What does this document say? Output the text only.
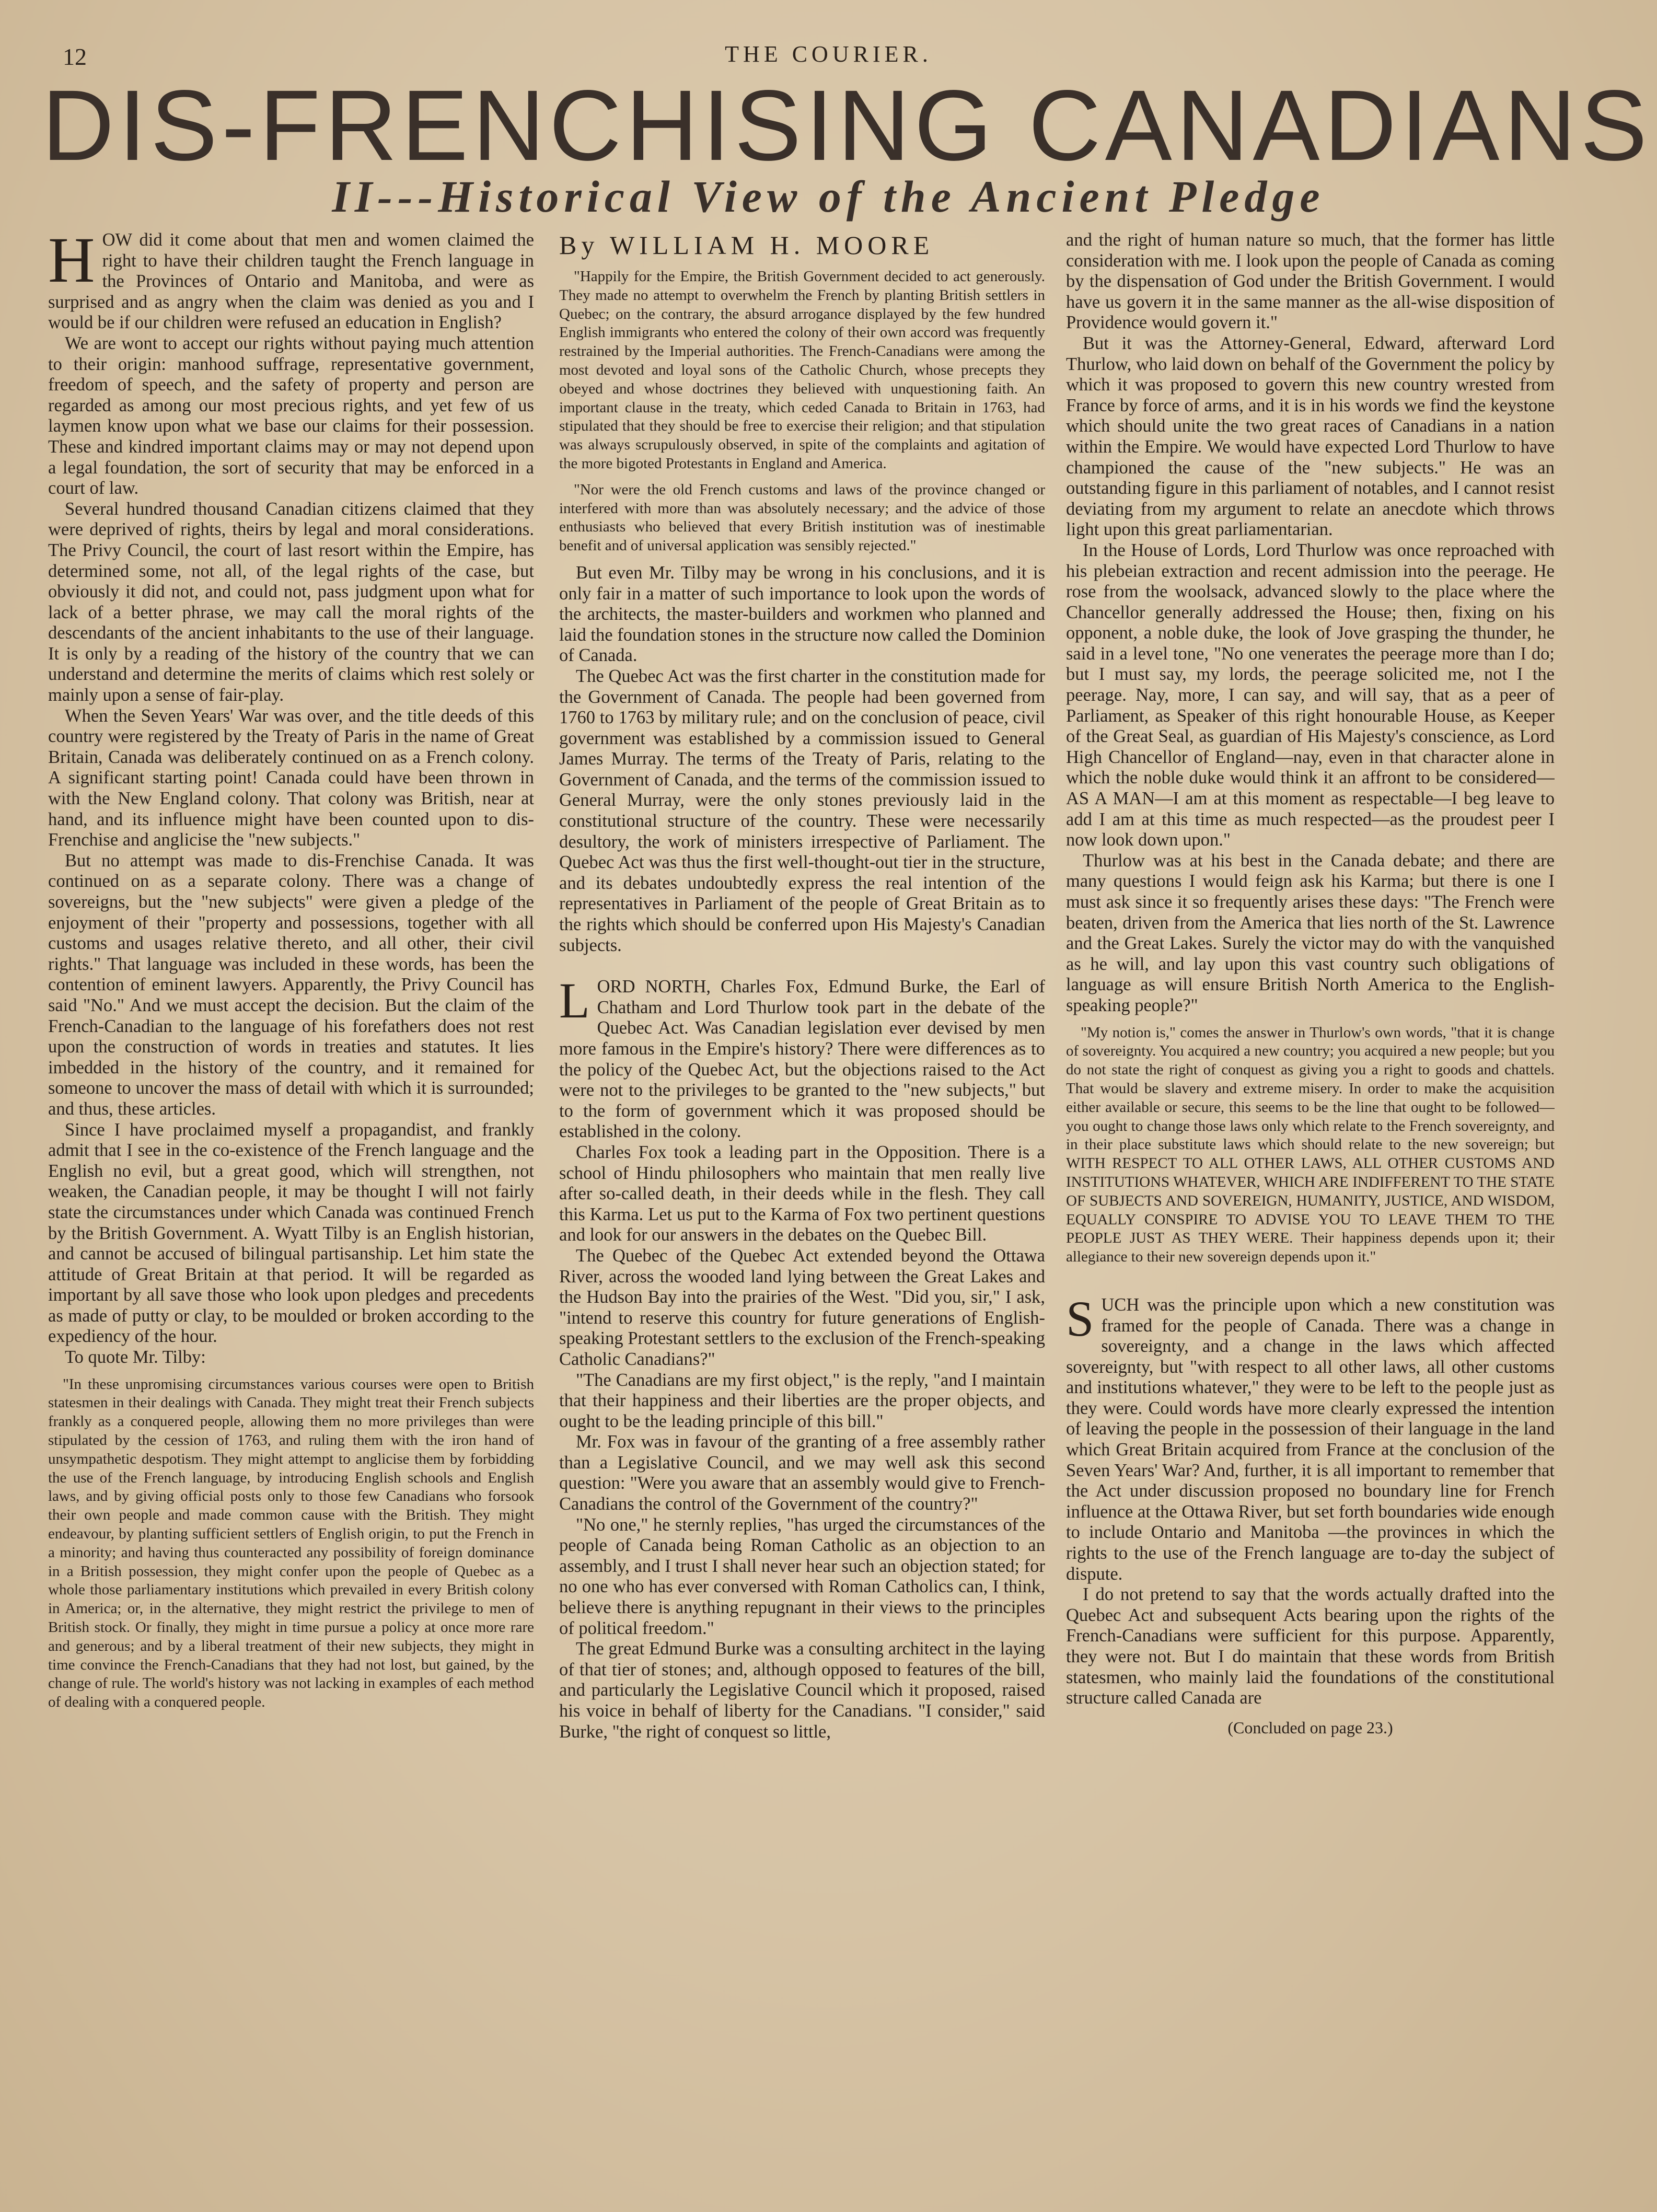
12	THE COURIER.
DIS-FRENCHISING CANADIANS
II---Historical View of the Ancient Pledge

HOW did it come about that men and women claimed the right to have their children taught the French language in the Provinces of Ontario and Manitoba, and were as surprised and as angry when the claim was denied as you and I would be if our children were refused an education in English?

We are wont to accept our rights without paying much attention to their origin: manhood suffrage, representative government, freedom of speech, and the safety of property and person are regarded as among our most precious rights, and yet few of us laymen know upon what we base our claims for their possession. These and kindred important claims may or may not depend upon a legal foundation, the sort of security that may be enforced in a court of law.

Several hundred thousand Canadian citizens claimed that they were deprived of rights, theirs by legal and moral considerations. The Privy Council, the court of last resort within the Empire, has determined some, not all, of the legal rights of the case, but obviously it did not, and could not, pass judgment upon what for lack of a better phrase, we may call the moral rights of the descendants of the ancient inhabitants to the use of their language. It is only by a reading of the history of the country that we can understand and determine the merits of claims which rest solely or mainly upon a sense of fair-play.

When the Seven Years' War was over, and the title deeds of this country were registered by the Treaty of Paris in the name of Great Britain, Canada was deliberately continued on as a French colony. A significant starting point! Canada could have been thrown in with the New England colony. That colony was British, near at hand, and its influence might have been counted upon to dis-Frenchise and anglicise the "new subjects."

But no attempt was made to dis-Frenchise Canada. It was continued on as a separate colony. There was a change of sovereigns, but the "new subjects" were given a pledge of the enjoyment of their "property and possessions, together with all customs and usages relative thereto, and all other, their civil rights." That language was included in these words, has been the contention of eminent lawyers. Apparently, the Privy Council has said "No." And we must accept the decision. But the claim of the French-Canadian to the language of his forefathers does not rest upon the construction of words in treaties and statutes. It lies imbedded in the history of the country, and it remained for someone to uncover the mass of detail with which it is surrounded; and thus, these articles.

Since I have proclaimed myself a propagandist, and frankly admit that I see in the co-existence of the French language and the English no evil, but a great good, which will strengthen, not weaken, the Canadian people, it may be thought I will not fairly state the circumstances under which Canada was continued French by the British Government. A. Wyatt Tilby is an English historian, and cannot be accused of bilingual partisanship. Let him state the attitude of Great Britain at that period. It will be regarded as important by all save those who look upon pledges and precedents as made of putty or clay, to be moulded or broken according to the expediency of the hour.

To quote Mr. Tilby:

"In these unpromising circumstances various courses were open to British statesmen in their dealings with Canada. They might treat their French subjects frankly as a conquered people, allowing them no more privileges than were stipulated by the cession of 1763, and ruling them with the iron hand of unsympathetic despotism. They might attempt to anglicise them by forbidding the use of the French language, by introducing English schools and English laws, and by giving official posts only to those few Canadians who forsook their own people and made common cause with the British. They might endeavour, by planting sufficient settlers of English origin, to put the French in a minority; and having thus counteracted any possibility of foreign dominance in a British possession, they might confer upon the people of Quebec as a whole those parliamentary institutions which prevailed in every British colony in America; or, in the alternative, they might restrict the privilege to men of British stock. Or finally, they might in time pursue a policy at once more rare and generous; and by a liberal treatment of their new subjects, they might in time convince the French-Canadians that they had not lost, but gained, by the change of rule. The world's history was not lacking in examples of each method of dealing with a conquered people.

By WILLIAM H. MOORE

"Happily for the Empire, the British Government decided to act generously. They made no attempt to overwhelm the French by planting British settlers in Quebec; on the contrary, the absurd arrogance displayed by the few hundred English immigrants who entered the colony of their own accord was frequently restrained by the Imperial authorities. The French-Canadians were among the most devoted and loyal sons of the Catholic Church, whose precepts they obeyed and whose doctrines they believed with unquestioning faith. An important clause in the treaty, which ceded Canada to Britain in 1763, had stipulated that they should be free to exercise their religion; and that stipulation was always scrupulously observed, in spite of the complaints and agitation of the more bigoted Protestants in England and America.

"Nor were the old French customs and laws of the province changed or interfered with more than was absolutely necessary; and the advice of those enthusiasts who believed that every British institution was of inestimable benefit and of universal application was sensibly rejected."

But even Mr. Tilby may be wrong in his conclusions, and it is only fair in a matter of such importance to look upon the words of the architects, the master-builders and workmen who planned and laid the foundation stones in the structure now called the Dominion of Canada.

The Quebec Act was the first charter in the constitution made for the Government of Canada. The people had been governed from 1760 to 1763 by military rule; and on the conclusion of peace, civil government was established by a commission issued to General James Murray. The terms of the Treaty of Paris, relating to the Government of Canada, and the terms of the commission issued to General Murray, were the only stones previously laid in the constitutional structure of the country. These were necessarily desultory, the work of ministers irrespective of Parliament. The Quebec Act was thus the first well-thought-out tier in the structure, and its debates undoubtedly express the real intention of the representatives in Parliament of the people of Great Britain as to the rights which should be conferred upon His Majesty's Canadian subjects.

LORD NORTH, Charles Fox, Edmund Burke, the Earl of Chatham and Lord Thurlow took part in the debate of the Quebec Act. Was Canadian legislation ever devised by men more famous in the Empire's history? There were differences as to the policy of the Quebec Act, but the objections raised to the Act were not to the privileges to be granted to the "new subjects," but to the form of government which it was proposed should be established in the colony.

Charles Fox took a leading part in the Opposition. There is a school of Hindu philosophers who maintain that men really live after so-called death, in their deeds while in the flesh. They call this Karma. Let us put to the Karma of Fox two pertinent questions and look for our answers in the debates on the Quebec Bill.

The Quebec of the Quebec Act extended beyond the Ottawa River, across the wooded land lying between the Great Lakes and the Hudson Bay into the prairies of the West. "Did you, sir," I ask, "intend to reserve this country for future generations of English-speaking Protestant settlers to the exclusion of the French-speaking Catholic Canadians?"

"The Canadians are my first object," is the reply, "and I maintain that their happiness and their liberties are the proper objects, and ought to be the leading principle of this bill."

Mr. Fox was in favour of the granting of a free assembly rather than a Legislative Council, and we may well ask this second question: "Were you aware that an assembly would give to French-Canadians the control of the Government of the country?"

"No one," he sternly replies, "has urged the circumstances of the people of Canada being Roman Catholic as an objection to an assembly, and I trust I shall never hear such an objection stated; for no one who has ever conversed with Roman Catholics can, I think, believe there is anything repugnant in their views to the principles of political freedom."

The great Edmund Burke was a consulting architect in the laying of that tier of stones; and, although opposed to features of the bill, and particularly the Legislative Council which it proposed, raised his voice in behalf of liberty for the Canadians. "I consider," said Burke, "the right of conquest so little,

and the right of human nature so much, that the former has little consideration with me. I look upon the people of Canada as coming by the dispensation of God under the British Government. I would have us govern it in the same manner as the all-wise disposition of Providence would govern it."

But it was the Attorney-General, Edward, afterward Lord Thurlow, who laid down on behalf of the Government the policy by which it was proposed to govern this new country wrested from France by force of arms, and it is in his words we find the keystone which should unite the two great races of Canadians in a nation within the Empire. We would have expected Lord Thurlow to have championed the cause of the "new subjects." He was an outstanding figure in this parliament of notables, and I cannot resist deviating from my argument to relate an anecdote which throws light upon this great parliamentarian.

In the House of Lords, Lord Thurlow was once reproached with his plebeian extraction and recent admission into the peerage. He rose from the woolsack, advanced slowly to the place where the Chancellor generally addressed the House; then, fixing on his opponent, a noble duke, the look of Jove grasping the thunder, he said in a level tone, "No one venerates the peerage more than I do; but I must say, my lords, the peerage solicited me, not I the peerage. Nay, more, I can say, and will say, that as a peer of Parliament, as Speaker of this right honourable House, as Keeper of the Great Seal, as guardian of His Majesty's conscience, as Lord High Chancellor of England—nay, even in that character alone in which the noble duke would think it an affront to be considered—AS A MAN—I am at this moment as respectable—I beg leave to add I am at this time as much respected—as the proudest peer I now look down upon."

Thurlow was at his best in the Canada debate; and there are many questions I would feign ask his Karma; but there is one I must ask since it so frequently arises these days: "The French were beaten, driven from the America that lies north of the St. Lawrence and the Great Lakes. Surely the victor may do with the vanquished as he will, and lay upon this vast country such obligations of language as will ensure British North America to the English-speaking people?"

"My notion is," comes the answer in Thurlow's own words, "that it is change of sovereignty. You acquired a new country; you acquired a new people; but you do not state the right of conquest as giving you a right to goods and chattels. That would be slavery and extreme misery. In order to make the acquisition either available or secure, this seems to be the line that ought to be followed—you ought to change those laws only which relate to the French sovereignty, and in their place substitute laws which should relate to the new sovereign; but WITH RESPECT TO ALL OTHER LAWS, ALL OTHER CUSTOMS AND INSTITUTIONS WHATEVER, WHICH ARE INDIFFERENT TO THE STATE OF SUBJECTS AND SOVEREIGN, HUMANITY, JUSTICE, AND WISDOM, EQUALLY CONSPIRE TO ADVISE YOU TO LEAVE THEM TO THE PEOPLE JUST AS THEY WERE. Their happiness depends upon it; their allegiance to their new sovereign depends upon it."

SUCH was the principle upon which a new constitution was framed for the people of Canada. There was a change in sovereignty, and a change in the laws which affected sovereignty, but "with respect to all other laws, all other customs and institutions whatever," they were to be left to the people just as they were. Could words have more clearly expressed the intention of leaving the people in the possession of their language in the land which Great Britain acquired from France at the conclusion of the Seven Years' War? And, further, it is all important to remember that the Act under discussion proposed no boundary line for French influence at the Ottawa River, but set forth boundaries wide enough to include Ontario and Manitoba —the provinces in which the rights to the use of the French language are to-day the subject of dispute.

I do not pretend to say that the words actually drafted into the Quebec Act and subsequent Acts bearing upon the rights of the French-Canadians were sufficient for this purpose. Apparently, they were not. But I do maintain that these words from British statesmen, who mainly laid the foundations of the constitutional structure called Canada are

(Concluded on page 23.)
